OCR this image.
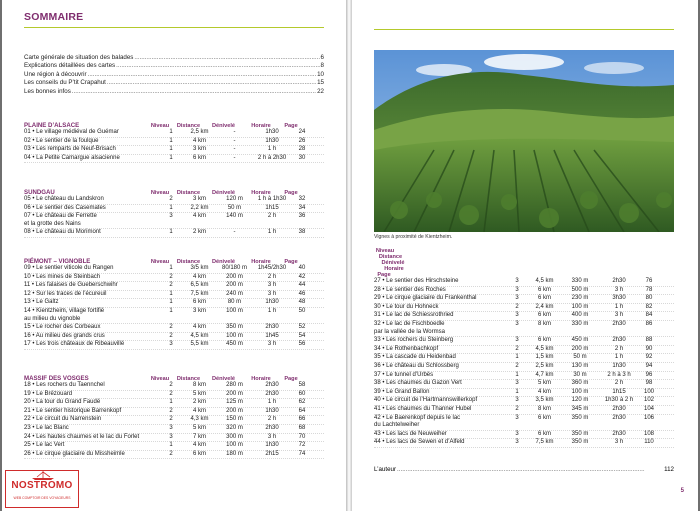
SOMMAIRE
Carte générale de situation des balades .....	6
Explications détaillées des cartes .....	8
Une région à découvrir .....	10
Les conseils du P’tit Crapahut .....	15
Les bonnes infos .....	22
PLAINE D’ALSACE	Niveau	Distance	Dénivelé	Horaire	Page
01 • Le village médiéval de Guémar	1	2,5 km	-	1h30	24
02 • Le sentier de la foulque	1	4 km	-	1h30	26
03 • Les remparts de Neuf-Brisach	1	3 km	-	1 h	28
04 • La Petite Camargue alsacienne	1	6 km	-	2 h à 2h30	30
SUNDGAU	Niveau	Distance	Dénivelé	Horaire	Page
05 • Le château du Landskron	2	3 km	120 m	1 h à 1h30	32
06 • Le sentier des Casemates	1	2,2 km	50 m	1h15	34
07 • Le château de Ferrette
et la grotte des Nains
3	4 km	140 m	2 h	36
08 • Le château du Morimont	1	2 km	-	1 h	38
PIÉMONT – VIGNOBLE	Niveau	Distance	Dénivelé	Horaire	Page
09 • Le sentier viticole du Rangen	1	3/5 km	80/180 m	1h45/2h30	40
10 • Les mines de Steinbach	2	4 km	200 m	2 h	42
11 • Les falaises de Gueberschwihr	2	6,5 km	200 m	3 h	44
12 • Sur les traces de l’écureuil	1	7,5 km	240 m	3 h	46
13 • Le Galtz	1	6 km	80 m	1h30	48
14 • Kientzheim, village fortifié
au milieu du vignoble
1	3 km	100 m	1 h	50
15 • Le rocher des Corbeaux	2	4 km	350 m	2h30	52
16 • Au milieu des grands crus	2	4,5 km	100 m	1h45	54
17 • Les trois châteaux de Ribeauvillé	3	5,5 km	450 m	3 h	56
MASSIF DES VOSGES	Niveau	Distance	Dénivelé	Horaire	Page
18 • Les rochers du Taennchel	2	8 km	280 m	2h30	58
19 • Le Brézouard	2	5 km	200 m	2h30	60
20 • La tour du Grand Faudé	1	2 km	125 m	1 h	62
21 • Le sentier historique Barrenkopf	2	4 km	200 m	1h30	64
22 • Le circuit du Narrenstein	2	4,3 km	150 m	2 h	66
23 • Le lac Blanc	3	5 km	320 m	2h30	68
24 • Les hautes chaumes et le lac du Forlet	3	7 km	300 m	3 h	70
25 • Le lac Vert	1	4 km	100 m	1h30	72
26 • Le cirque glaciaire du Missheimle	2	6 km	180 m	2h15	74
NOSTROMO
WEB COMPTOIR DES VOYAGEURS
Vignes à proximité de Kientzheim.
Niveau
Distance
Dénivelé
Horaire
Page
27 • Le sentier des Hirschsteine	3	4,5 km	330 m	2h30	76
28 • Le sentier des Roches	3	6 km	500 m	3 h	78
29 • Le cirque glaciaire du Frankenthal	3	6 km	230 m	3h30	80
30 • Le tour du Hohneck	2	2,4 km	100 m	1 h	82
31 • Le lac de Schiessrothried	3	6 km	400 m	3 h	84
32 • Le lac de Fischboedle
par la vallée de la Wormsa
3	8 km	330 m	2h30	86
33 • Les rochers du Steinberg	3	6 km	450 m	2h30	88
34 • Le Rothenbachkopf	2	4,5 km	200 m	2 h	90
35 • La cascade du Heidenbad	1	1,5 km	50 m	1 h	92
36 • Le château du Schlossberg	2	2,5 km	130 m	1h30	94
37 • Le tunnel d’Urbès	1	4,7 km	30 m	2 h à 3 h	96
38 • Les chaumes du Gazon Vert	3	5 km	360 m	2 h	98
39 • Le Grand Ballon	1	4 km	100 m	1h15	100
40 • Le circuit de l’Hartmannswillerkopf	3	3,5 km	120 m	1h30 à 2 h	102
41 • Les chaumes du Thanner Hubel	2	8 km	345 m	2h30	104
42 • Le Baerenkopf depuis le lac
du Lachtelweiher
3	6 km	350 m	2h30	106
43 • Les lacs de Neuweiher	3	6 km	350 m	2h30	108
44 • Les lacs de Sewen et d’Alfeld	3	7,5 km	350 m	3 h	110
L’auteur .....	112
5
